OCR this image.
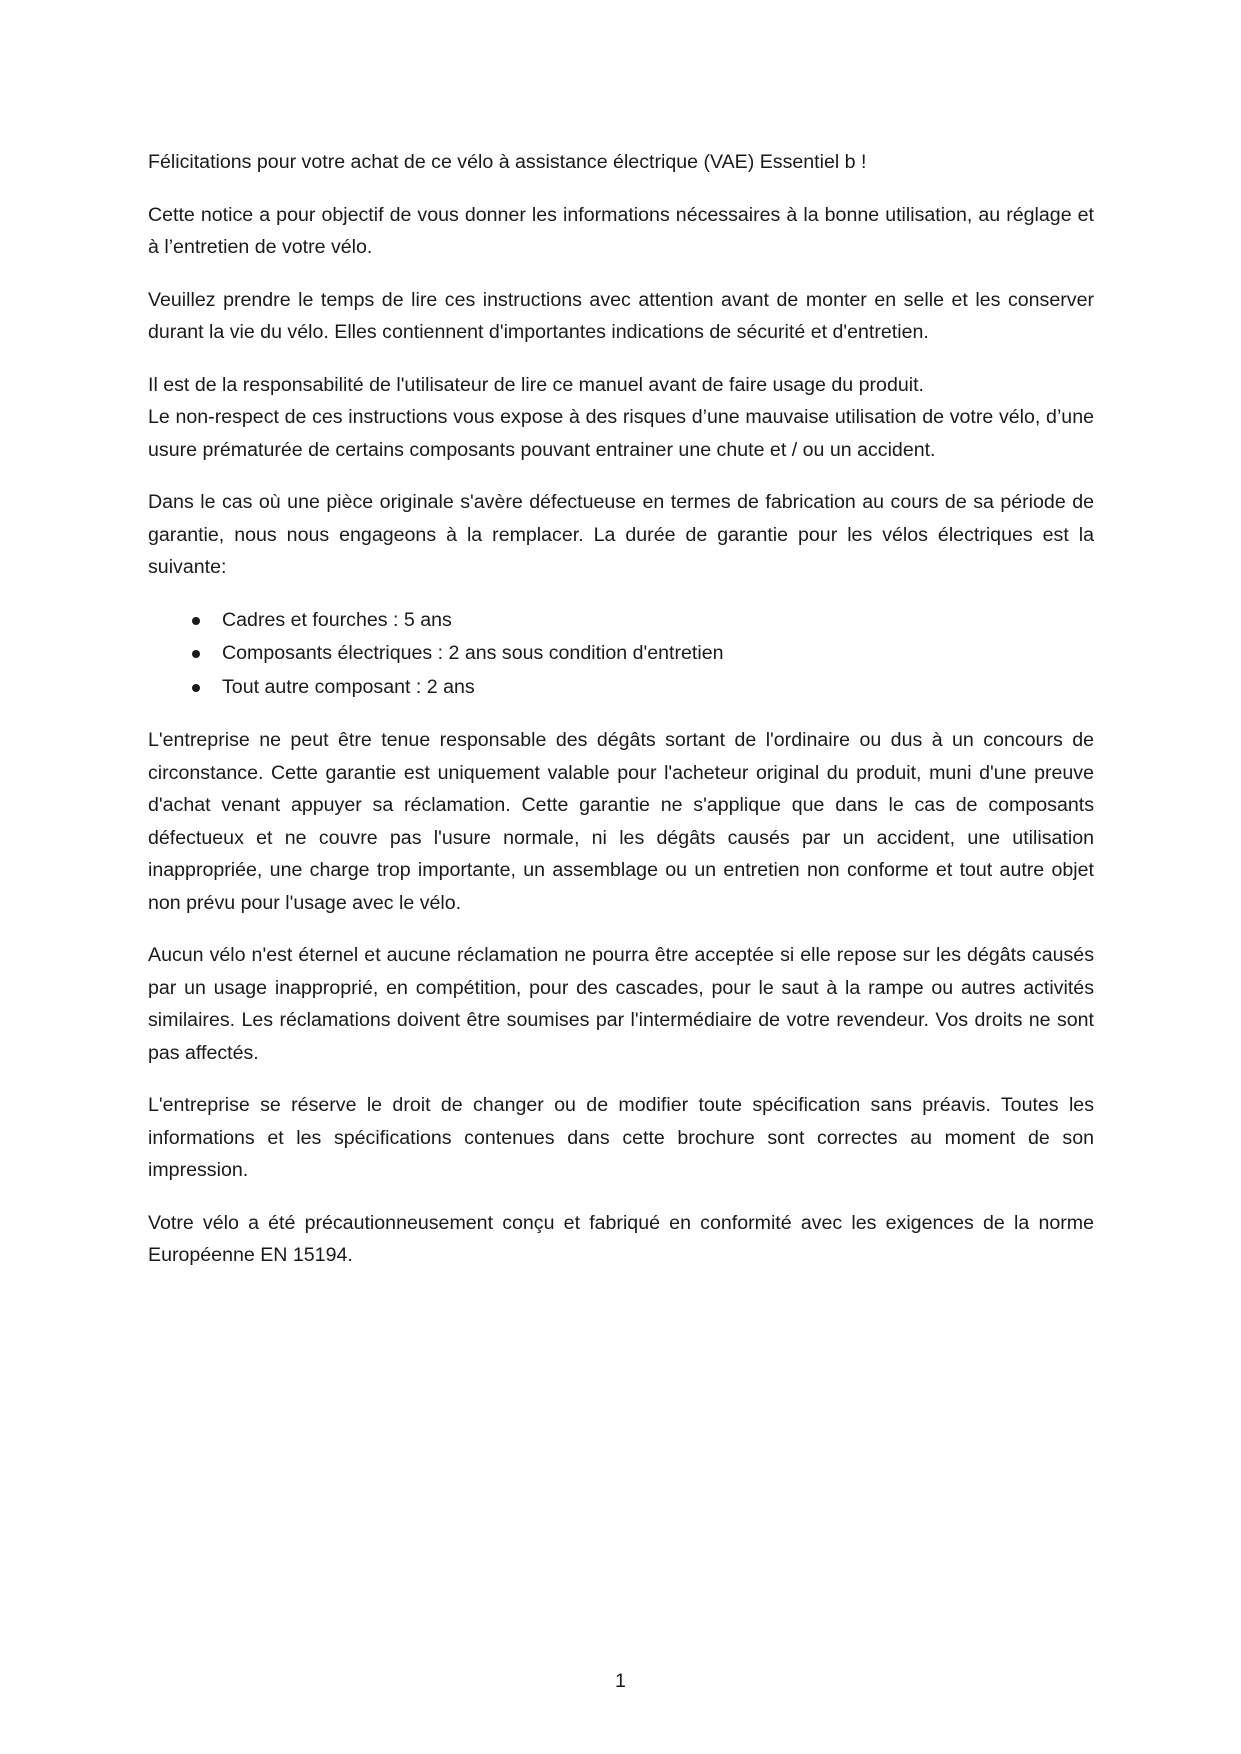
Félicitations pour votre achat de ce vélo à assistance électrique (VAE) Essentiel b !

Cette notice a pour objectif de vous donner les informations nécessaires à la bonne utilisation, au réglage et à l’entretien de votre vélo.

Veuillez prendre le temps de lire ces instructions avec attention avant de monter en selle et les conserver durant la vie du vélo. Elles contiennent d'importantes indications de sécurité et d'entretien.

Il est de la responsabilité de l'utilisateur de lire ce manuel avant de faire usage du produit.
Le non-respect de ces instructions vous expose à des risques d’une mauvaise utilisation de votre vélo, d’une usure prématurée de certains composants pouvant entrainer une chute et / ou un accident.

Dans le cas où une pièce originale s'avère défectueuse en termes de fabrication au cours de sa période de garantie, nous nous engageons à la remplacer. La durée de garantie pour les vélos électriques est la suivante:

Cadres et fourches : 5 ans
Composants électriques : 2 ans sous condition d'entretien
Tout autre composant : 2 ans

L'entreprise ne peut être tenue responsable des dégâts sortant de l'ordinaire ou dus à un concours de circonstance. Cette garantie est uniquement valable pour l'acheteur original du produit, muni d'une preuve d'achat venant appuyer sa réclamation. Cette garantie ne s'applique que dans le cas de composants défectueux et ne couvre pas l'usure normale, ni les dégâts causés par un accident, une utilisation inappropriée, une charge trop importante, un assemblage ou un entretien non conforme et tout autre objet non prévu pour l'usage avec le vélo.

Aucun vélo n'est éternel et aucune réclamation ne pourra être acceptée si elle repose sur les dégâts causés par un usage inapproprié, en compétition, pour des cascades, pour le saut à la rampe ou autres activités similaires. Les réclamations doivent être soumises par l'intermédiaire de votre revendeur. Vos droits ne sont pas affectés.

L'entreprise se réserve le droit de changer ou de modifier toute spécification sans préavis. Toutes les informations et les spécifications contenues dans cette brochure sont correctes au moment de son impression.

Votre vélo a été précautionneusement conçu et fabriqué en conformité avec les exigences de la norme Européenne EN 15194.

1
